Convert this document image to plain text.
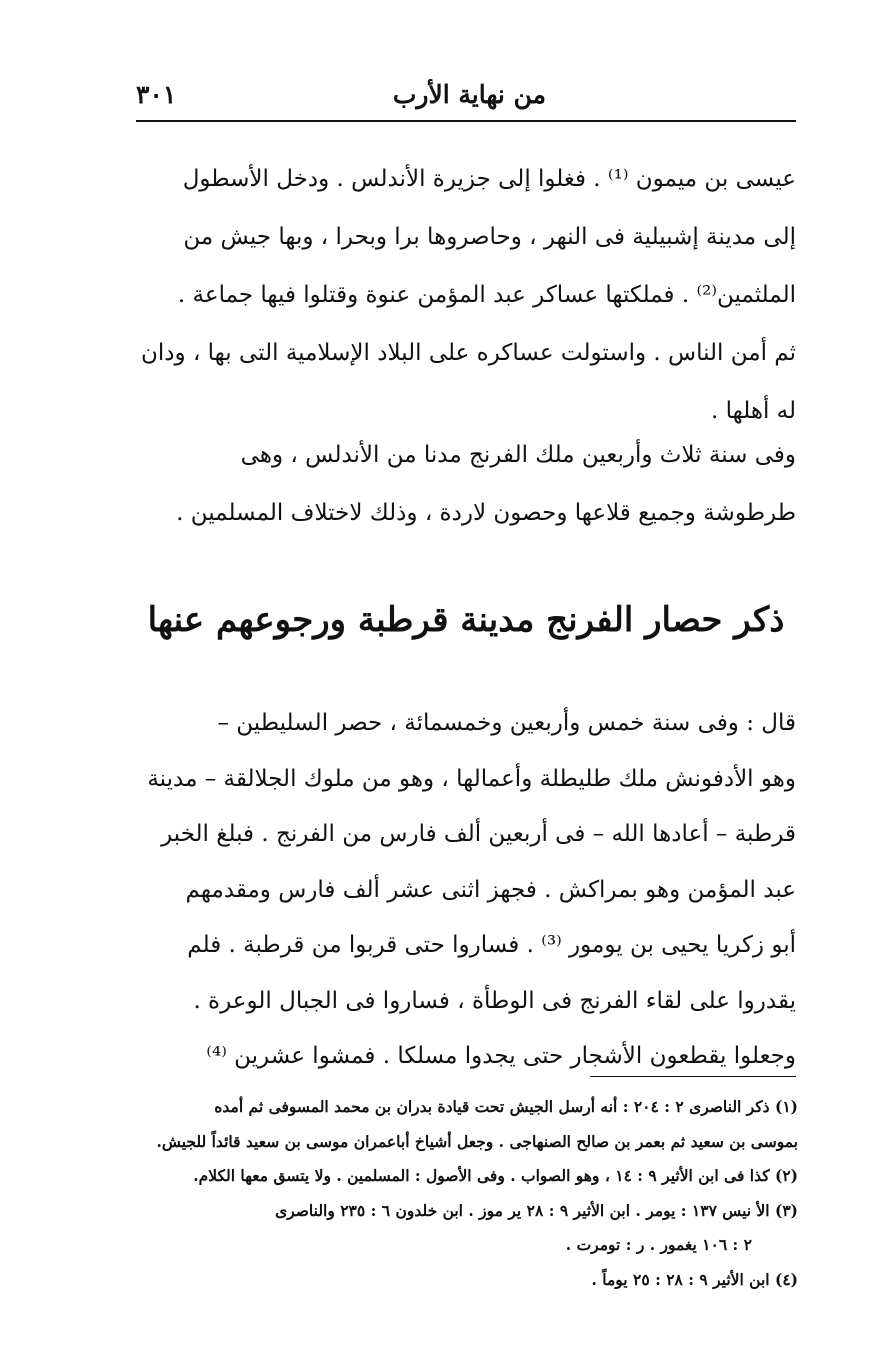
من نهاية الأرب
٣٠١
عيسى بن ميمون ⁽¹⁾ . فغلوا إلى جزيرة الأندلس . ودخل الأسطول
إلى مدينة إشبيلية فى النهر ، وحاصروها برا وبحرا ، وبها جيش من
الملثمين⁽²⁾ . فملكتها عساكر عبد المؤمن عنوة وقتلوا فيها جماعة .
ثم أمن الناس . واستولت عساكره على البلاد الإسلامية التى بها ، ودان
له أهلها .
وفى سنة ثلاث وأربعين ملك الفرنج مدنا من الأندلس ، وهى
طرطوشة وجميع قلاعها وحصون لاردة ، وذلك لاختلاف المسلمين .
ذكر حصار الفرنج مدينة قرطبة ورجوعهم عنها
قال : وفى سنة خمس وأربعين وخمسمائة ، حصر السليطين –
وهو الأدفونش ملك طليطلة وأعمالها ، وهو من ملوك الجلالقة – مدينة
قرطبة – أعادها الله – فى أربعين ألف فارس من الفرنج . فبلغ الخبر
عبد المؤمن وهو بمراكش . فجهز اثنى عشر ألف فارس ومقدمهم
أبو زكريا يحيى بن يومور ⁽³⁾ . فساروا حتى قربوا من قرطبة . فلم
يقدروا على لقاء الفرنج فى الوطأة ، فساروا فى الجبال الوعرة .
وجعلوا يقطعون الأشجار حتى يجدوا مسلكا . فمشوا عشرين ⁽⁴⁾
(١) ذكر الناصرى ٢ : ٢٠٤ : أنه أرسل الجيش تحت قيادة بدران بن محمد المسوفى ثم أمده
بموسى بن سعيد ثم بعمر بن صالح الصنهاجى . وجعل أشياخ أباعمران موسى بن سعيد قائداً للجيش.
(٢) كذا فى ابن الأثير ٩ : ١٤ ، وهو الصواب . وفى الأصول : المسلمين . ولا يتسق معها الكلام.
(٣) الأ نيس ١٣٧ : يومر . ابن الأثير ٩ : ٢٨ ير موز . ابن خلدون ٦ : ٢٣٥ والناصرى
٢ : ١٠٦ يغمور . ر : تومرت .
(٤) ابن الأثير ٩ : ٢٨ : ٢٥ يوماً .
